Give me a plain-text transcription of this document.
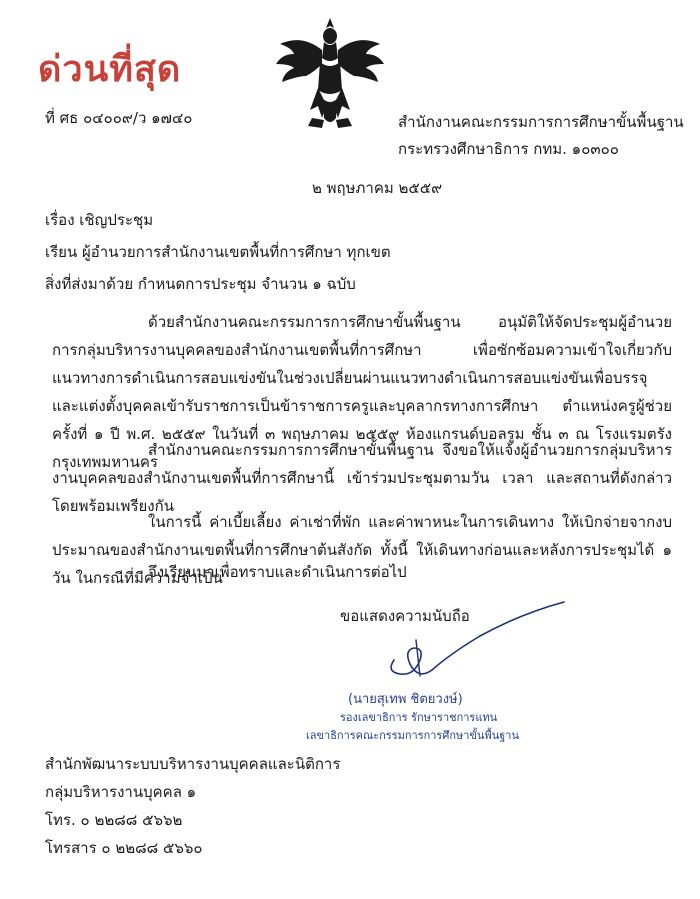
ด่วนที่สุด
ที่ ศธ ๐๔๐๐๙/ว ๑๗๔๐	สำนักงานคณะกรรมการการศึกษาขั้นพื้นฐาน
กระทรวงศึกษาธิการ กทม. ๑๐๓๐๐
๒ พฤษภาคม ๒๕๕๙
เรื่อง เชิญประชุม
เรียน ผู้อำนวยการสำนักงานเขตพื้นที่การศึกษา ทุกเขต
สิ่งที่ส่งมาด้วย กำหนดการประชุม จำนวน ๑ ฉบับ
ด้วยสำนักงานคณะกรรมการการศึกษาขั้นพื้นฐาน อนุมัติให้จัดประชุมผู้อำนวยการกลุ่มบริหารงานบุคคลของสำนักงานเขตพื้นที่การศึกษา เพื่อซักซ้อมความเข้าใจเกี่ยวกับแนวทางการดำเนินการสอบแข่งขันในช่วงเปลี่ยนผ่านแนวทางดำเนินการสอบแข่งขันเพื่อบรรจุและแต่งตั้งบุคคลเข้ารับราชการเป็นข้าราชการครูและบุคลากรทางการศึกษา ตำแหน่งครูผู้ช่วย ครั้งที่ ๑ ปี พ.ศ. ๒๕๕๙ ในวันที่ ๓ พฤษภาคม ๒๕๕๙ ห้องแกรนด์บอลรูม ชั้น ๓ ณ โรงแรมตรัง กรุงเทพมหานคร
สำนักงานคณะกรรมการการศึกษาขั้นพื้นฐาน จึงขอให้แจ้งผู้อำนวยการกลุ่มบริหารงานบุคคลของสำนักงานเขตพื้นที่การศึกษานี้ เข้าร่วมประชุมตามวัน เวลา และสถานที่ดังกล่าวโดยพร้อมเพรียงกัน
ในการนี้ ค่าเบี้ยเลี้ยง ค่าเช่าที่พัก และค่าพาหนะในการเดินทาง ให้เบิกจ่ายจากงบประมาณของสำนักงานเขตพื้นที่การศึกษาต้นสังกัด ทั้งนี้ ให้เดินทางก่อนและหลังการประชุมได้ ๑ วัน ในกรณีที่มีความจำเป็น
จึงเรียนมาเพื่อทราบและดำเนินการต่อไป
ขอแสดงความนับถือ
(นายสุเทพ ชิตยวงษ์)
รองเลขาธิการ รักษาราชการแทน
เลขาธิการคณะกรรมการการศึกษาขั้นพื้นฐาน
สำนักพัฒนาระบบบริหารงานบุคคลและนิติการ
กลุ่มบริหารงานบุคคล ๑
โทร. ๐ ๒๒๘๘ ๕๖๖๒
โทรสาร ๐ ๒๒๘๘ ๕๖๖๐
